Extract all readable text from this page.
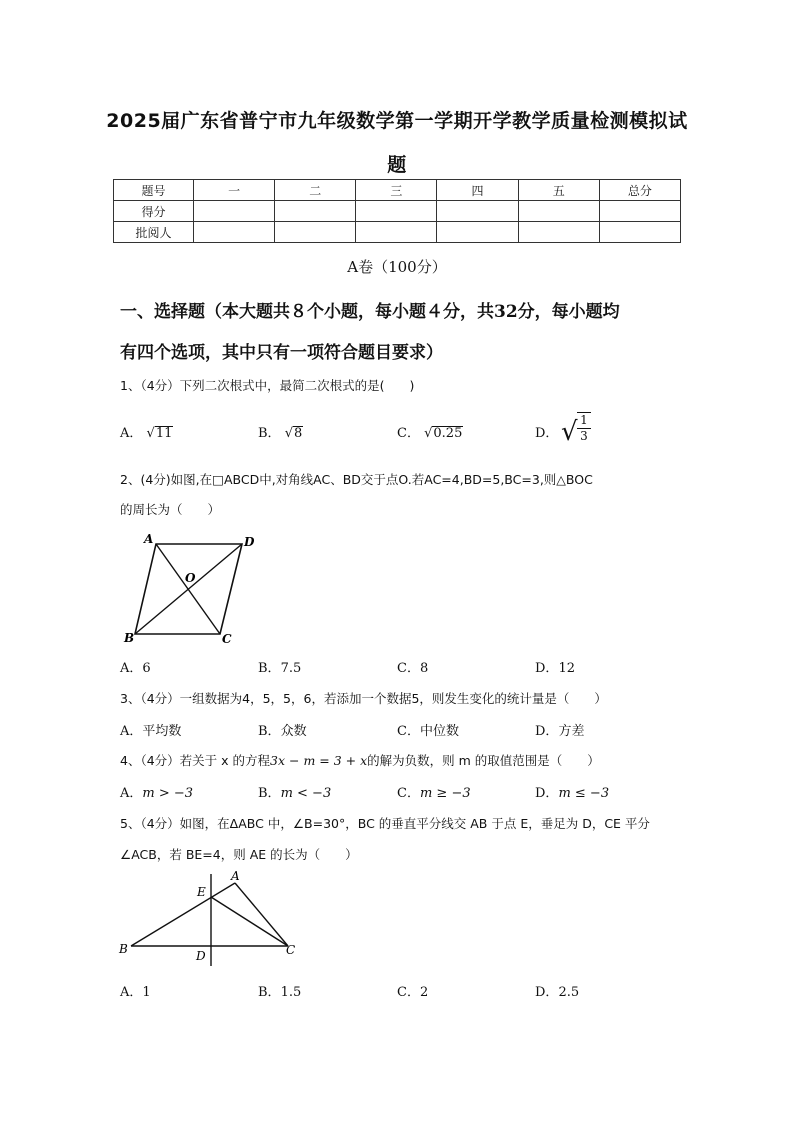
2025届广东省普宁市九年级数学第一学期开学教学质量检测模拟试
题
题号	一	二	三	四	五	总分
得分						
批阅人						
A卷（100分）
一、选择题（本大题共８个小题，每小题４分，共32分，每小题均
有四个选项，其中只有一项符合题目要求）
1、（4分）下列二次根式中，最简二次根式的是(　　)
A． √11	B． √8	C． √0.25	D． √ $\frac{1}{3}$
2、(4分)如图,在□ABCD中,对角线AC、BD交于点O.若AC=4,BD=5,BC=3,则△BOC
的周长为（　　）
A	D
O
B	C
A．6	B．7.5	C．8	D．12
3、（4分）一组数据为4，5，5，6，若添加一个数据5，则发生变化的统计量是（　　）
A．平均数	B．众数	C．中位数	D．方差
4、（4分）若关于 x 的方程3x − m = 3 + x的解为负数，则 m 的取值范围是（　　）
A．m > −3	B．m < −3	C．m ≥ −3	D．m ≤ −3
5、（4分）如图，在ΔABC 中，∠B=30°，BC 的垂直平分线交 AB 于点 E，垂足为 D，CE 平分
∠ACB，若 BE=4，则 AE 的长为（　　）
A
E
B	D	C
A．1	B．1.5	C．2	D．2.5
